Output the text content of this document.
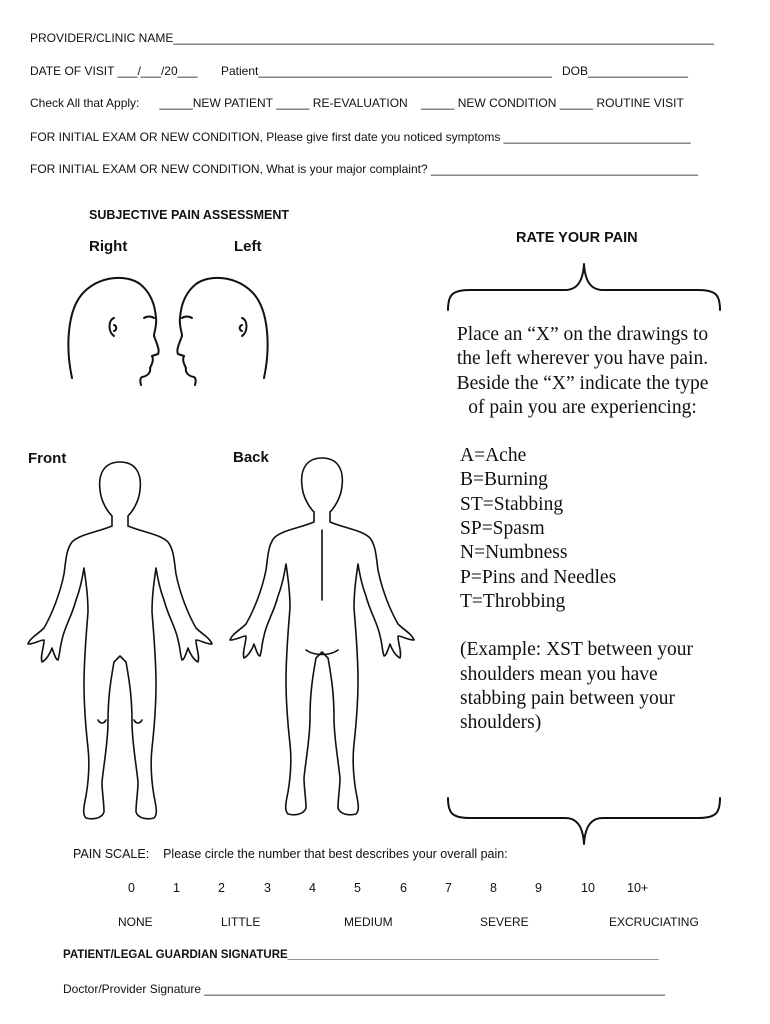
PROVIDER/CLINIC NAME_________________________________________________________________________________
DATE OF VISIT ___/___/20___       Patient____________________________________________   DOB_______________
Check All that Apply:      _____NEW PATIENT _____ RE-EVALUATION    _____ NEW CONDITION _____ ROUTINE VISIT
FOR INITIAL EXAM OR NEW CONDITION, Please give first date you noticed symptoms ____________________________
FOR INITIAL EXAM OR NEW CONDITION, What is your major complaint? ________________________________________
SUBJECTIVE PAIN ASSESSMENT
Right	Left
Front	Back
RATE YOUR PAIN

Place an “X” on the drawings to the left wherever you have pain. Beside the “X” indicate the type of pain you are experiencing:

A=Ache
B=Burning
ST=Stabbing
SP=Spasm
N=Numbness
P=Pins and Needles
T=Throbbing

(Example: XST between your shoulders mean you have stabbing pain between your shoulders)

PAIN SCALE:    Please circle the number that best describes your overall pain:
0	1	2	3	4	5	6	7	8	9	10	10+
NONE	LITTLE	MEDIUM	SEVERE	EXCRUCIATING
PATIENT/LEGAL GUARDIAN SIGNATURE__________________________________________________________
Doctor/Provider Signature _____________________________________________________________________
